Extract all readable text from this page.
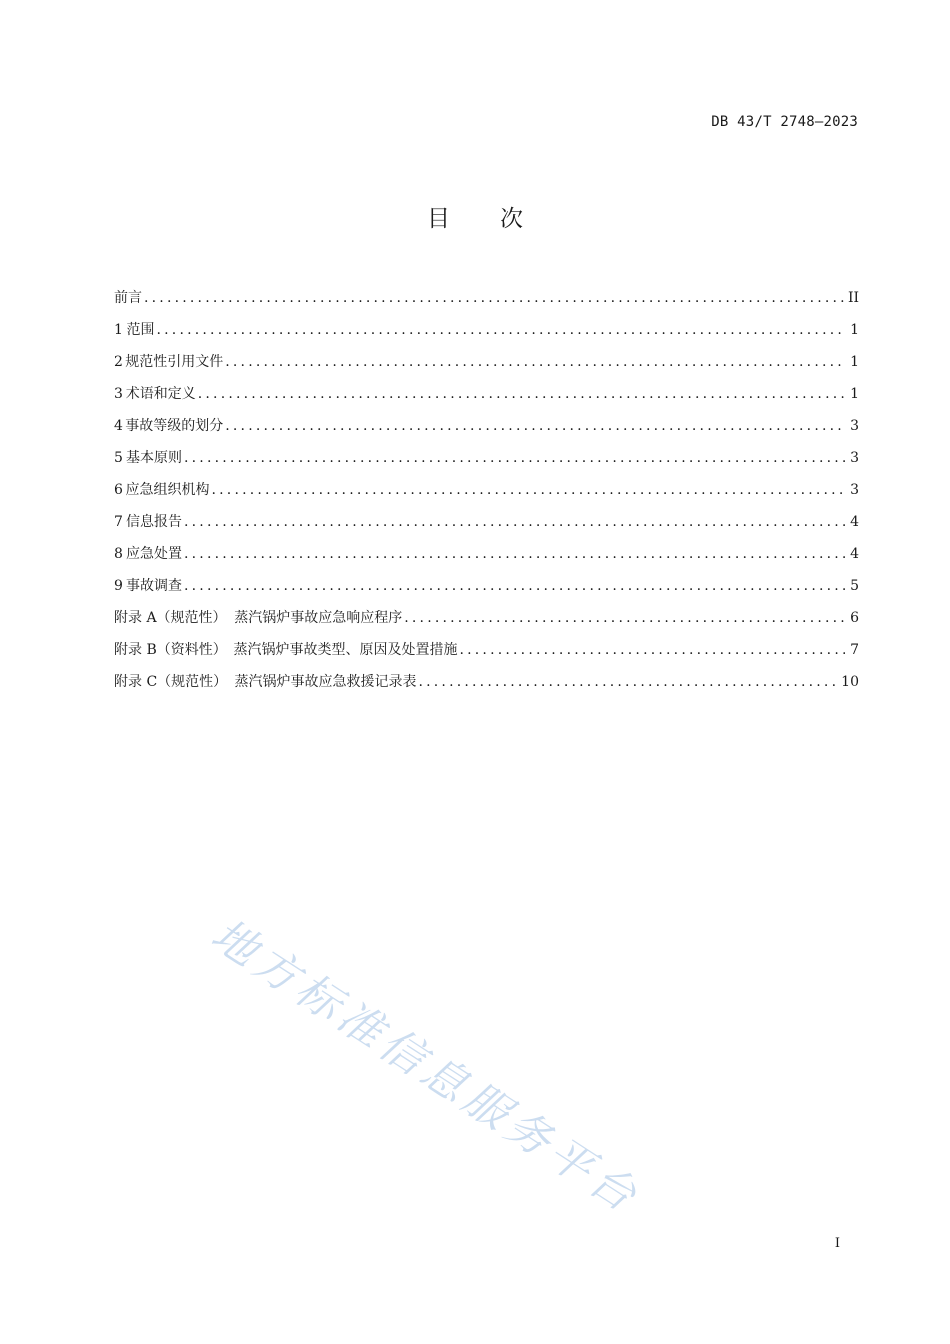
DB 43/T 2748—2023
目 次
前言 .....	II
1 范围 .....	1
2 规范性引用文件 .....	1
3 术语和定义 .....	1
4 事故等级的划分 .....	3
5 基本原则 .....	3
6 应急组织机构 .....	3
7 信息报告 .....	4
8 应急处置 .....	4
9 事故调查 .....	5
附录 A（规范性） 蒸汽锅炉事故应急响应程序 .....	6
附录 B（资料性） 蒸汽锅炉事故类型、原因及处置措施 .....	7
附录 C（规范性） 蒸汽锅炉事故应急救援记录表 .....	10
地方标准信息服务平台
I
